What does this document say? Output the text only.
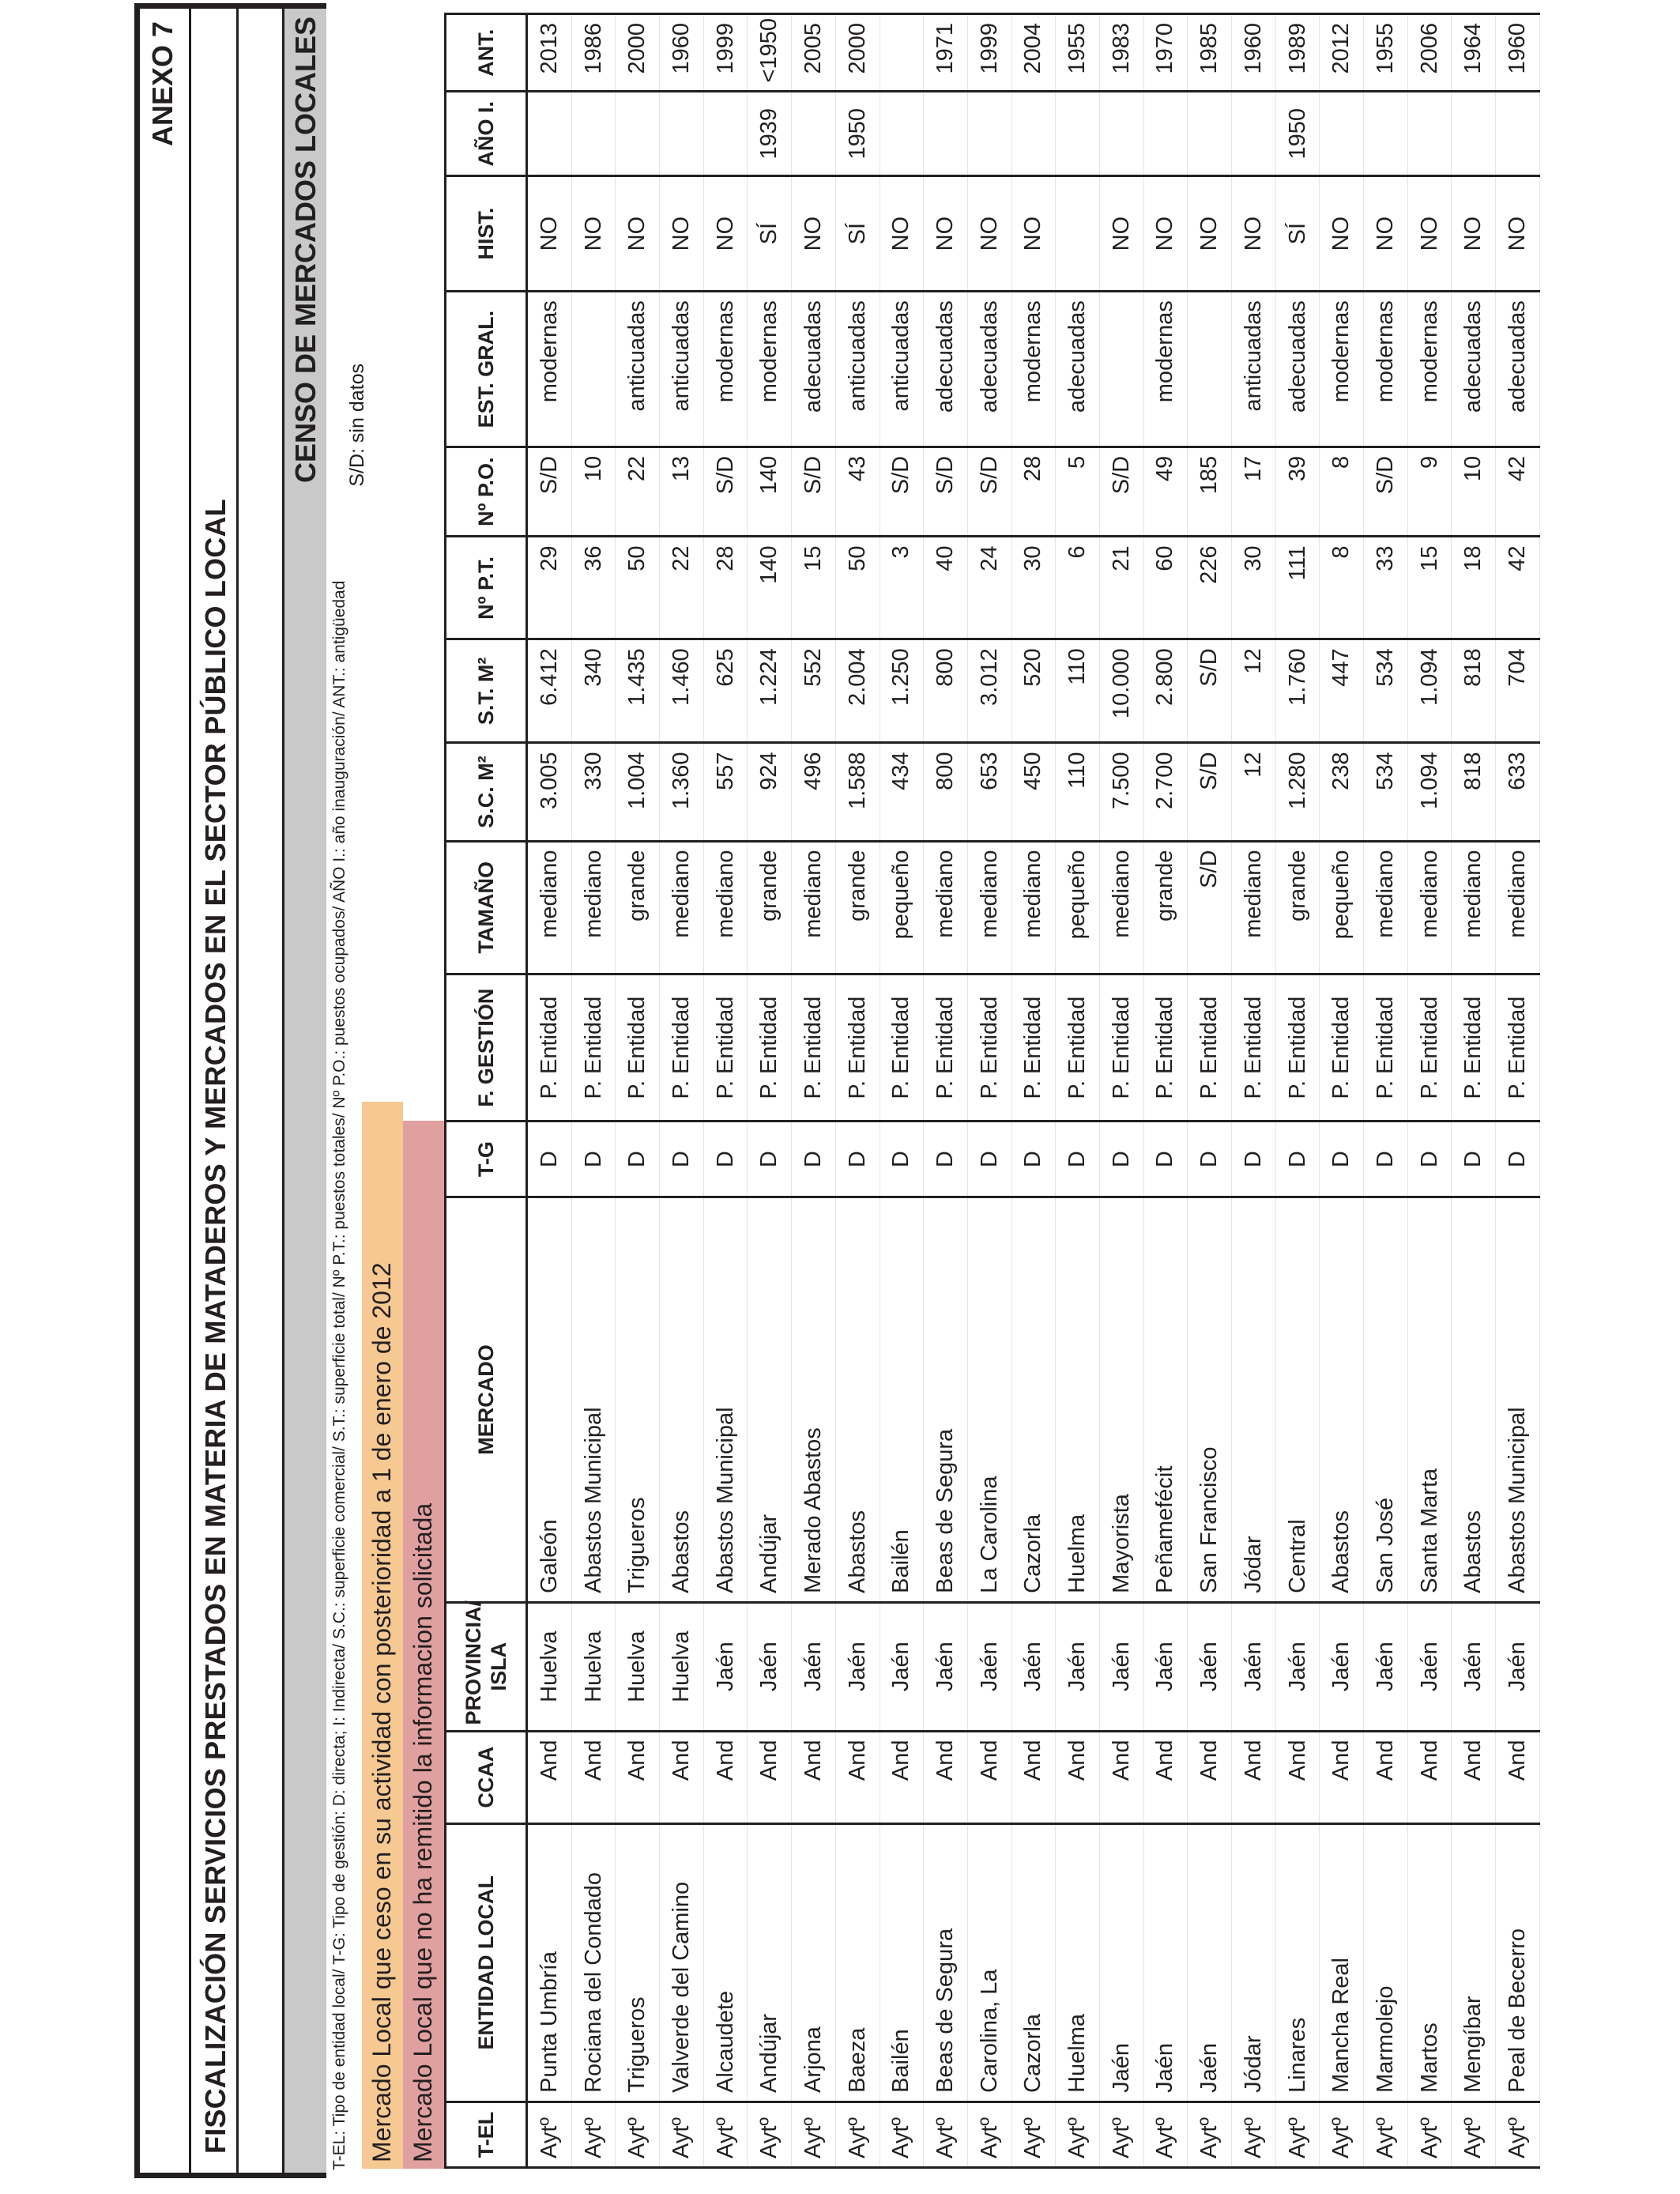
ANEXO 7
FISCALIZACIÓN SERVICIOS PRESTADOS EN MATERIA DE MATADEROS Y MERCADOS EN EL SECTOR PÚBLICO LOCAL
CENSO DE MERCADOS LOCALES
T-EL: Tipo de entidad local/ T-G: Tipo de gestión: D: directa; I: Indirecta/ S.C.: superficie comercial/ S.T.: superficie total/ Nº P.T.: puestos totales/ Nº P.O.: puestos ocupados/ AÑO I.: año inauguración/ ANT.: antigüedad
S/D: sin datos
Mercado Local que ceso en su actividad con posterioridad a 1 de enero de 2012 Mercado Local que no ha remitido la informacion solicitada	T-EL	ENTIDAD LOCAL	CCAA	PROVINCIA/ ISLA	MERCADO	T-G	F. GESTIÓN	TAMAÑO	S.C. M²	S.T. M²	Nº P.T.	Nº P.O.	EST. GRAL.	HIST.	AÑO I.	ANT.
Aytº	Punta Umbría	And	Huelva	Galeón	D	P. Entidad	mediano	3.005	6.412	29	S/D	modernas	NO		2013
Aytº	Rociana del Condado	And	Huelva	Abastos Municipal	D	P. Entidad	mediano	330	340	36	10		NO		1986
Aytº	Trigueros	And	Huelva	Trigueros	D	P. Entidad	grande	1.004	1.435	50	22	anticuadas	NO		2000
Aytº	Valverde del Camino	And	Huelva	Abastos	D	P. Entidad	mediano	1.360	1.460	22	13	anticuadas	NO		1960
Aytº	Alcaudete	And	Jaén	Abastos Municipal	D	P. Entidad	mediano	557	625	28	S/D	modernas	NO		1999
Aytº	Andújar	And	Jaén	Andújar	D	P. Entidad	grande	924	1.224	140	140	modernas	SÍ	1939	<1950
Aytº	Arjona	And	Jaén	Merado Abastos	D	P. Entidad	mediano	496	552	15	S/D	adecuadas	NO		2005
Aytº	Baeza	And	Jaén	Abastos	D	P. Entidad	grande	1.588	2.004	50	43	anticuadas	SÍ	1950	2000
Aytº	Bailén	And	Jaén	Bailén	D	P. Entidad	pequeño	434	1.250	3	S/D	anticuadas	NO		
Aytº	Beas de Segura	And	Jaén	Beas de Segura	D	P. Entidad	mediano	800	800	40	S/D	adecuadas	NO		1971
Aytº	Carolina, La	And	Jaén	La Carolina	D	P. Entidad	mediano	653	3.012	24	S/D	adecuadas	NO		1999
Aytº	Cazorla	And	Jaén	Cazorla	D	P. Entidad	mediano	450	520	30	28	modernas	NO		2004
Aytº	Huelma	And	Jaén	Huelma	D	P. Entidad	pequeño	110	110	6	5	adecuadas			1955
Aytº	Jaén	And	Jaén	Mayorista	D	P. Entidad	mediano	7.500	10.000	21	S/D		NO		1983
Aytº	Jaén	And	Jaén	Peñamefécit	D	P. Entidad	grande	2.700	2.800	60	49	modernas	NO		1970
Aytº	Jaén	And	Jaén	San Francisco	D	P. Entidad	S/D	S/D	S/D	226	185		NO		1985
Aytº	Jódar	And	Jaén	Jódar	D	P. Entidad	mediano	12	12	30	17	anticuadas	NO		1960
Aytº	Linares	And	Jaén	Central	D	P. Entidad	grande	1.280	1.760	111	39	adecuadas	SÍ	1950	1989
Aytº	Mancha Real	And	Jaén	Abastos	D	P. Entidad	pequeño	238	447	8	8	modernas	NO		2012
Aytº	Marmolejo	And	Jaén	San José	D	P. Entidad	mediano	534	534	33	S/D	modernas	NO		1955
Aytº	Martos	And	Jaén	Santa Marta	D	P. Entidad	mediano	1.094	1.094	15	9	modernas	NO		2006
Aytº	Mengíbar	And	Jaén	Abastos	D	P. Entidad	mediano	818	818	18	10	adecuadas	NO		1964
Aytº	Peal de Becerro	And	Jaén	Abastos Municipal	D	P. Entidad	mediano	633	704	42	42	adecuadas	NO		1960
